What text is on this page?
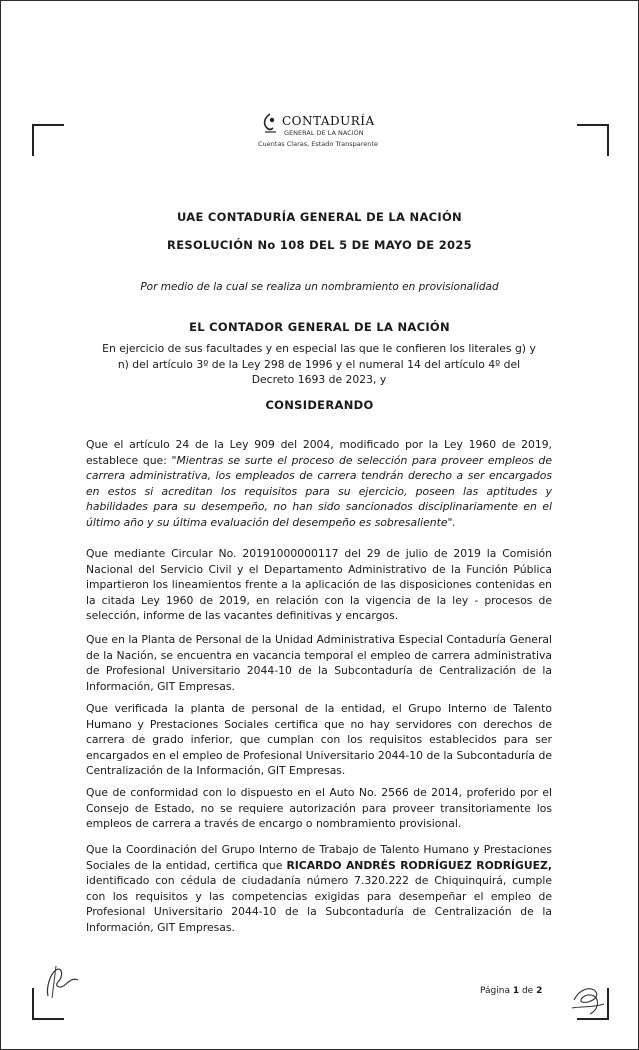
CONTADURÍA
GENERAL DE LA NACIÓN
Cuentas Claras, Estado Transparente
UAE CONTADURÍA GENERAL DE LA NACIÓN
RESOLUCIÓN No 108 DEL 5 DE MAYO DE 2025
Por medio de la cual se realiza un nombramiento en provisionalidad
EL CONTADOR GENERAL DE LA NACIÓN
En ejercicio de sus facultades y en especial las que le confieren los literales g) y n) del artículo 3º de la Ley 298 de 1996 y el numeral 14 del artículo 4º del Decreto 1693 de 2023, y
CONSIDERANDO
Que el artículo 24 de la Ley 909 del 2004, modificado por la Ley 1960 de 2019, establece que: "Mientras se surte el proceso de selección para proveer empleos de carrera administrativa, los empleados de carrera tendrán derecho a ser encargados en estos si acreditan los requisitos para su ejercicio, poseen las aptitudes y habilidades para su desempeño, no han sido sancionados disciplinariamente en el último año y su última evaluación del desempeño es sobresaliente".
Que mediante Circular No. 20191000000117 del 29 de julio de 2019 la Comisión Nacional del Servicio Civil y el Departamento Administrativo de la Función Pública impartieron los lineamientos frente a la aplicación de las disposiciones contenidas en la citada Ley 1960 de 2019, en relación con la vigencia de la ley - procesos de selección, informe de las vacantes definitivas y encargos.
Que en la Planta de Personal de la Unidad Administrativa Especial Contaduría General de la Nación, se encuentra en vacancia temporal el empleo de carrera administrativa de Profesional Universitario 2044-10 de la Subcontaduría de Centralización de la Información, GIT Empresas.
Que verificada la planta de personal de la entidad, el Grupo Interno de Talento Humano y Prestaciones Sociales certifica que no hay servidores con derechos de carrera de grado inferior, que cumplan con los requisitos establecidos para ser encargados en el empleo de Profesional Universitario 2044-10 de la Subcontaduría de Centralización de la Información, GIT Empresas.
Que de conformidad con lo dispuesto en el Auto No. 2566 de 2014, proferido por el Consejo de Estado, no se requiere autorización para proveer transitoriamente los empleos de carrera a través de encargo o nombramiento provisional.
Que la Coordinación del Grupo Interno de Trabajo de Talento Humano y Prestaciones Sociales de la entidad, certifica que RICARDO ANDRÉS RODRÍGUEZ RODRÍGUEZ, identificado con cédula de ciudadanía número 7.320.222 de Chiquinquirá, cumple con los requisitos y las competencias exigidas para desempeñar el empleo de Profesional Universitario 2044-10 de la Subcontaduría de Centralización de la Información, GIT Empresas.
Página 1 de 2
